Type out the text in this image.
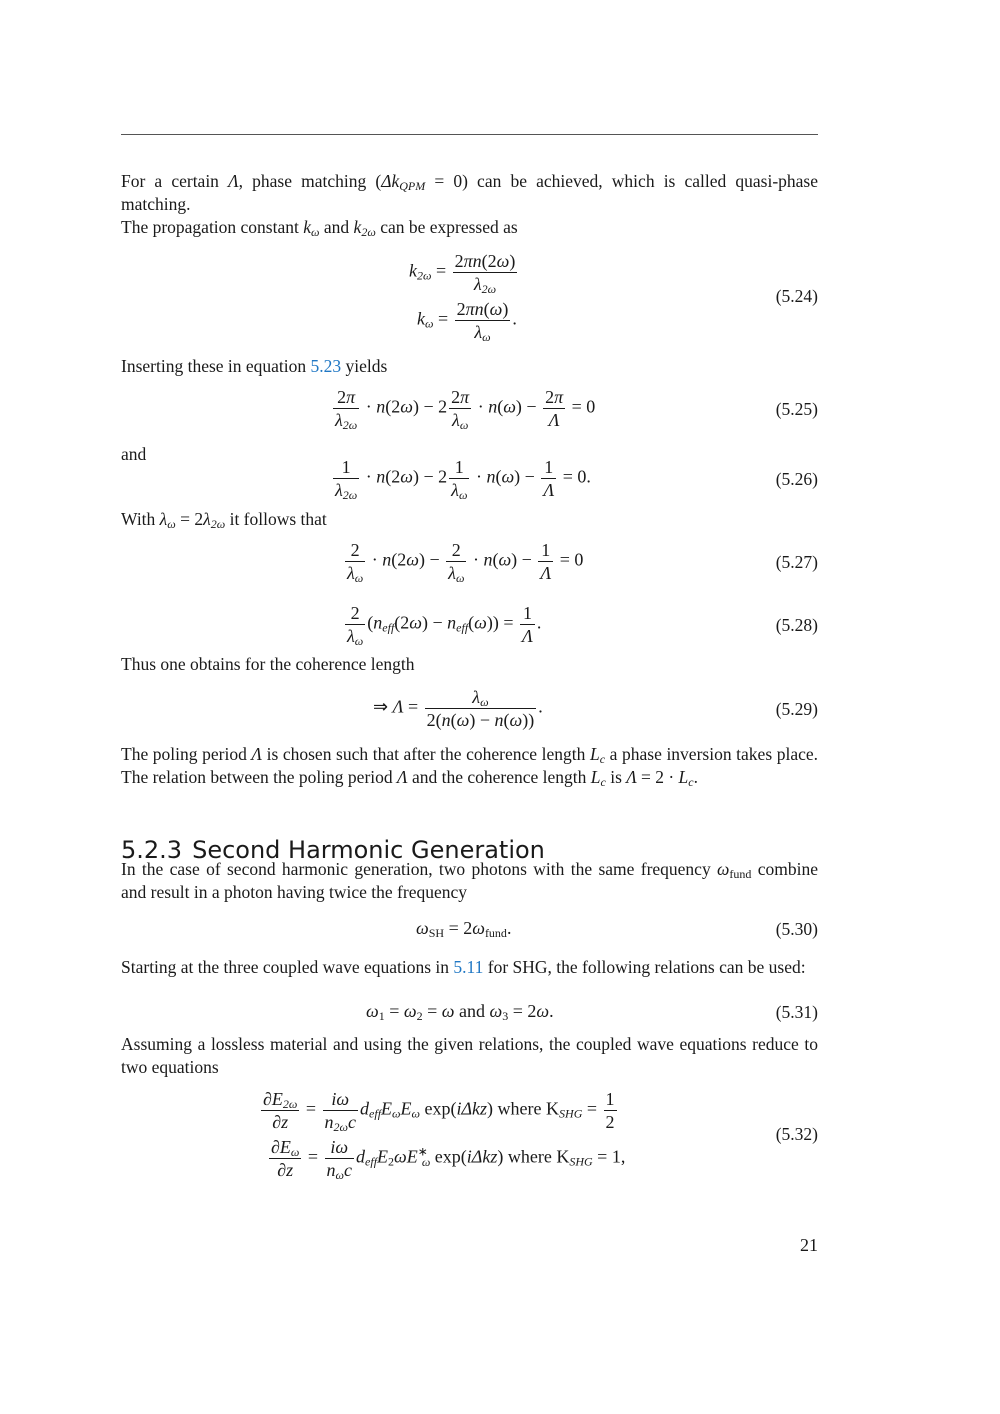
For a certain Λ, phase matching $(\Delta k_{QPM} = 0)$ can be achieved, which is called quasi-phase matching.
The propagation constant $k_\omega$ and $k_{2\omega}$ can be expressed as
$k_{2\omega} = \frac{2\pi n(2\omega)}{\lambda_{2\omega}}$
$k_\omega = \frac{2\pi n(\omega)}{\lambda_\omega}$ .
(5.24)
Inserting these in equation 5.23 yields
$\frac{2\pi}{\lambda_{2\omega}} \cdot n(2\omega) - 2 \frac{2\pi}{\lambda_\omega} \cdot n(\omega) - \frac{2\pi}{\Lambda} = 0$	(5.25)
and
$\frac{1}{\lambda_{2\omega}} \cdot n(2\omega) - 2 \frac{1}{\lambda_\omega} \cdot n(\omega) - \frac{1}{\Lambda} = 0$.	(5.26)
With $\lambda_\omega = 2\lambda_{2\omega}$ it follows that
$\frac{2}{\lambda_\omega} \cdot n(2\omega) - \frac{2}{\lambda_\omega} \cdot n(\omega) - \frac{1}{\Lambda} = 0$	(5.27)
$\frac{2}{\lambda_\omega} (n_{eff}(2\omega) - n_{eff}(\omega)) = \frac{1}{\Lambda}$ .	(5.28)
Thus one obtains for the coherence length
⇒ $\Lambda = \frac{\lambda_\omega}{2(n(\omega) - n(\omega))}$ .	(5.29)
The poling period Λ is chosen such that after the coherence length $L_c$ a phase inversion takes place. The relation between the poling period Λ and the coherence length $L_c$ is $\Lambda = 2 \cdot L_c$.
5.2.3 Second Harmonic Generation
In the case of second harmonic generation, two photons with the same frequency $\omega_{fund}$ combine and result in a photon having twice the frequency
$\omega_{SH} = 2\omega_{fund}$.	(5.30)
Starting at the three coupled wave equations in 5.11 for SHG, the following relations can be used:
$\omega_1 = \omega_2 = \omega$ and $\omega_3 = 2\omega$.	(5.31)
Assuming a lossless material and using the given relations, the coupled wave equations reduce to two equations
$\frac{\partial E_{2\omega}}{\partial z} = \frac{i\omega}{n_{2\omega}c} d_{eff}E_\omega E_\omega$ exp(iΔkz) where $K_{SHG} = \frac{1}{2}$
$\frac{\partial E_\omega}{\partial z} = \frac{i\omega}{n_\omega c} d_{eff}E_2\omega E^∗_\omega$ exp(iΔkz) where $K_{SHG} = 1$,
(5.32)
21
